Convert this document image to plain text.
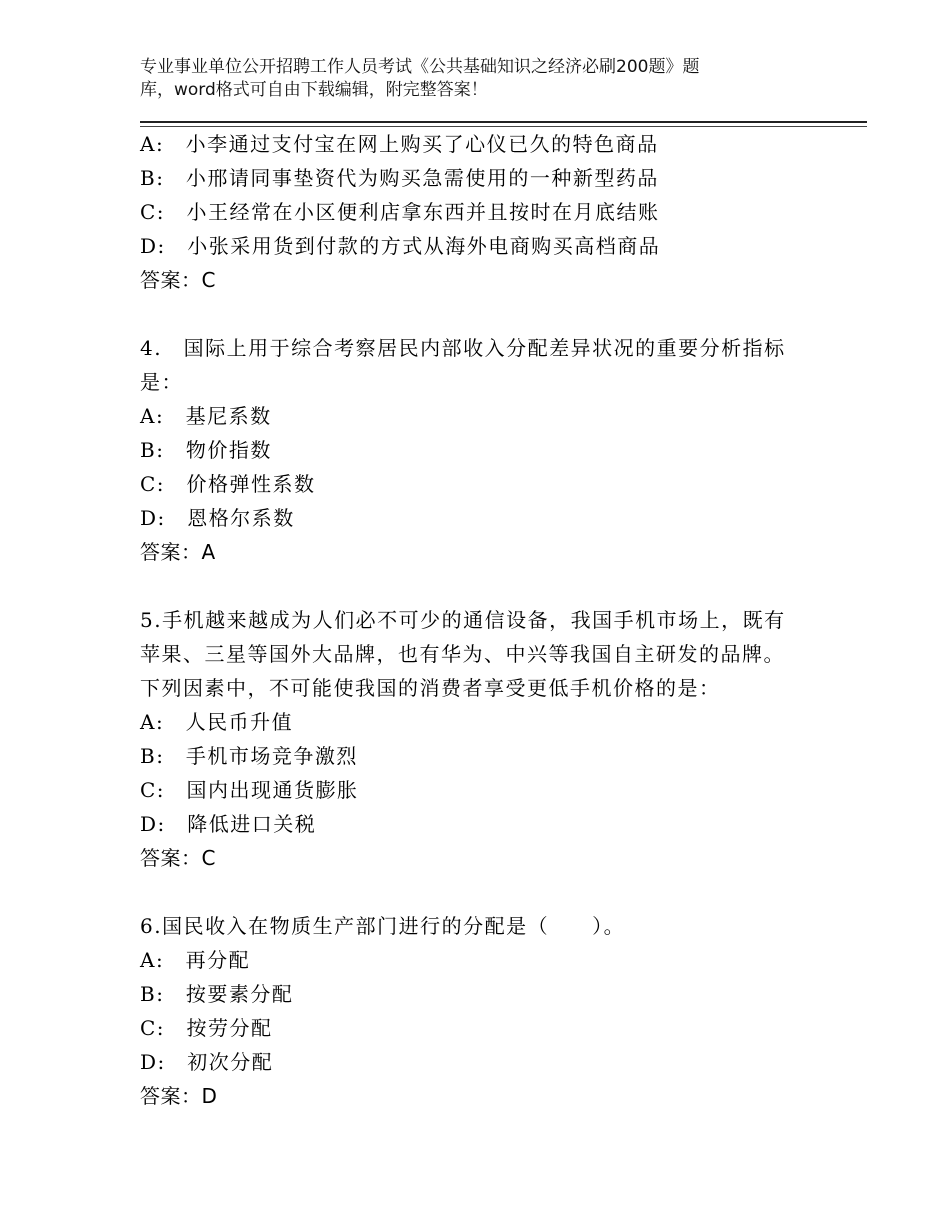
专业事业单位公开招聘工作人员考试《公共基础知识之经济必刷200题》题
库，word格式可自由下载编辑，附完整答案！
A:　小李通过支付宝在网上购买了心仪已久的特色商品
B:　小邢请同事垫资代为购买急需使用的一种新型药品
C:　小王经常在小区便利店拿东西并且按时在月底结账
D:　小张采用货到付款的方式从海外电商购买高档商品
答案：C
4.　国际上用于综合考察居民内部收入分配差异状况的重要分析指标
是：
A:　基尼系数
B:　物价指数
C:　价格弹性系数
D:　恩格尔系数
答案：A
5.手机越来越成为人们必不可少的通信设备，我国手机市场上，既有
苹果、三星等国外大品牌，也有华为、中兴等我国自主研发的品牌。
下列因素中，不可能使我国的消费者享受更低手机价格的是：
A:　人民币升值
B:　手机市场竞争激烈
C:　国内出现通货膨胀
D:　降低进口关税
答案：C
6.国民收入在物质生产部门进行的分配是（　　）。
A:　再分配
B:　按要素分配
C:　按劳分配
D:　初次分配
答案：D
